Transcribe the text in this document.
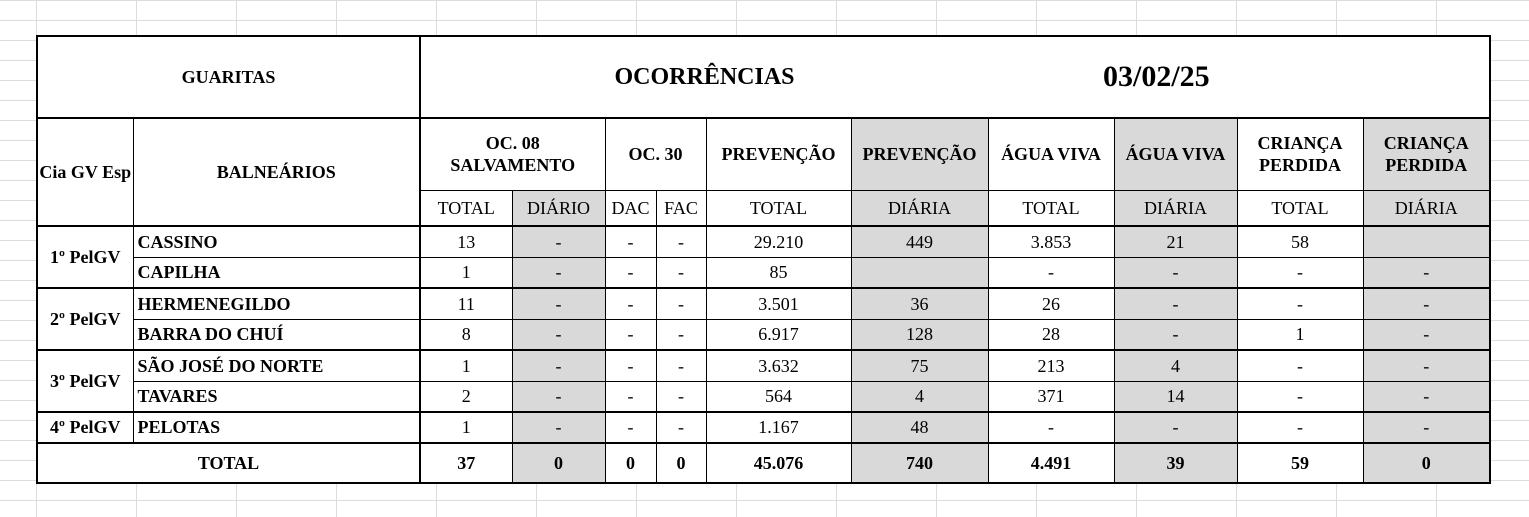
GUARITAS		OCORRÊNCIAS						03/02/25			
Cia GV Esp	BALNEÁRIOS	OC. 08 SALVAMENTO		OC. 30		PREVENÇÃO	PREVENÇÃO	ÁGUA VIVA	ÁGUA VIVA	CRIANÇA PERDIDA	CRIANÇA PERDIDA
		TOTAL	DIÁRIO	DAC	FAC	TOTAL	DIÁRIA	TOTAL	DIÁRIA	TOTAL	DIÁRIA
1º PelGV	CASSINO	13	-	-	-	29.210	449	3.853	21	58	
	CAPILHA	1	-	-	-	85		-	-	-	-
2º PelGV	HERMENEGILDO	11	-	-	-	3.501	36	26	-	-	-
	BARRA DO CHUÍ	8	-	-	-	6.917	128	28	-	1	-
3º PelGV	SÃO JOSÉ DO NORTE	1	-	-	-	3.632	75	213	4	-	-
	TAVARES	2	-	-	-	564	4	371	14	-	-
4º PelGV	PELOTAS	1	-	-	-	1.167	48	-	-	-	-
TOTAL		37	0	0	0	45.076	740	4.491	39	59	0
